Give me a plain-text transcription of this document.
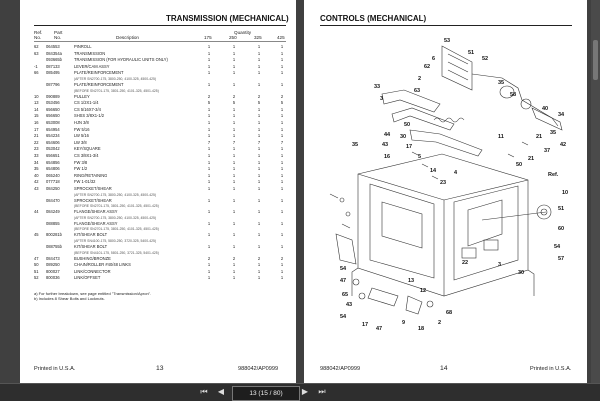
TRANSMISSION (MECHANICAL)
Ref.
No.
Part
No.	Description
Quantity
175	250	325	425
62	064553	PINROLL	1	1	1	1
63	084354a	TRANSMISSION	1	1	1	1
093665b	TRANSMISSION (FOR HYDRAULIC UNITS ONLY)	1	1	1	1
-1	087133	LEVER/CAM ASSY	1	1	1	1
66	085495	PLATE/REINFORCEMENT	1	1	1	1
(AFTER SN2700-175, 3800-250, 4100-325, 4500-425)
087796	PLATE/REINFORCEMENT	1	1	1	1
(BEFORE SN2701-175, 3801-250, 4101-325, 4501-425)
10	090889	PULLEY	2	2	2	2
13	053456	CS 1/2X1-1/4	5	5	5	5
14	656650	CS 5/16X7-3/4	1	1	1	1
15	656650	SHSS 3/8X1-1/2	1	1	1	1
16	653008	HJN 3/8	1	1	1	1
17	654954	FW 5/16	1	1	1	1
21	654234	LW 5/16	1	1	1	1
22	654606	LW 3/8	7	7	7	7
23	053042	KEY/SQUARE	1	1	1	1
33	656651	CS 3/8X1-3/4	1	1	1	1
34	654856	FW 3/8	1	1	1	1
35	654806	FW 1/2	1	1	1	1
40	065240	RING/RETAINING	1	1	1	1
42	077718	FW 1-01/32	1	1	1	1
43	084250	SPROCKET/SHEAR	1	1	1	1
(AFTER SN2700-175, 3800-250, 4100-325, 4500-425)
084470	SPROCKET/SHEAR	1	1	1	1
(BEFORE SN2701-175, 3801-250, 4101-325, 4501-425)
44	084249	FLANGE/SHEAR ASSY	1	1	1	1
(AFTER SN2700-175, 3800-250, 4100-325, 4500-425)
088855	FLANGE/SHEAR ASSY	1	1	1	1
(BEFORE SN2701-175, 3801-250, 4101-325, 4501-425)
45	800281b	KIT/SHEAR BOLT	1	1	1	1
(AFTER SN4100-175, 5800-250, 3720-325, 5400-425)
088755b	KIT/SHEAR BOLT	1	1	1	1
(BEFORE SN4101-175, 5801-250, 3721-325, 5401-425)
47	084473	BUSHING/BRONZE	2	2	2	2
50	089250	CHAIN/ROLLER #40/48 LINKS	1	1	1	1
51	800027	LINK/CONNECTOR	1	1	1	1
52	800036	LINK/OFFSET	1	1	1	1
a) For further breakdown, see page entitled "Transmission/Apron".
b) Includes 8 Shear Bolts and Locknuts.
Printed in U.S.A.	13	988042/AP0999
CONTROLS (MECHANICAL)
53
51
52
6
62
2
63
33
3
35
58
40
34
35
21
42
37
21
50
44
43	17
16	5
14
23
4
11
50
35
30
Ref.
10
51
60
54
57
54
47
65
43
54
17
47
9
18
2
68
12
13
22	3
30
988042/AP0999	14	Printed in U.S.A.
⏮	◀
13 (15 / 80)	▶	⏭
